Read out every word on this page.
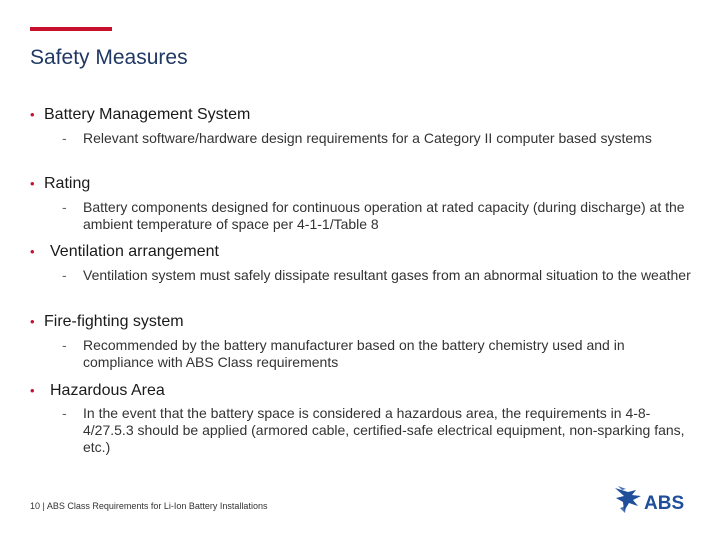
Safety Measures
• Battery Management System
- Relevant software/hardware design requirements for a Category II computer based systems
• Rating
- Battery components designed for continuous operation at rated capacity (during discharge) at the ambient temperature of space per 4-1-1/Table 8
• Ventilation arrangement
- Ventilation system must safely dissipate resultant gases from an abnormal situation to the weather
• Fire-fighting system
- Recommended by the battery manufacturer based on the battery chemistry used and in compliance with ABS Class requirements
• Hazardous Area
- In the event that the battery space is considered a hazardous area, the requirements in 4-8-4/27.5.3 should be applied (armored cable, certified-safe electrical equipment, non-sparking fans, etc.)
10 | ABS Class Requirements for Li-Ion Battery Installations	ABS
